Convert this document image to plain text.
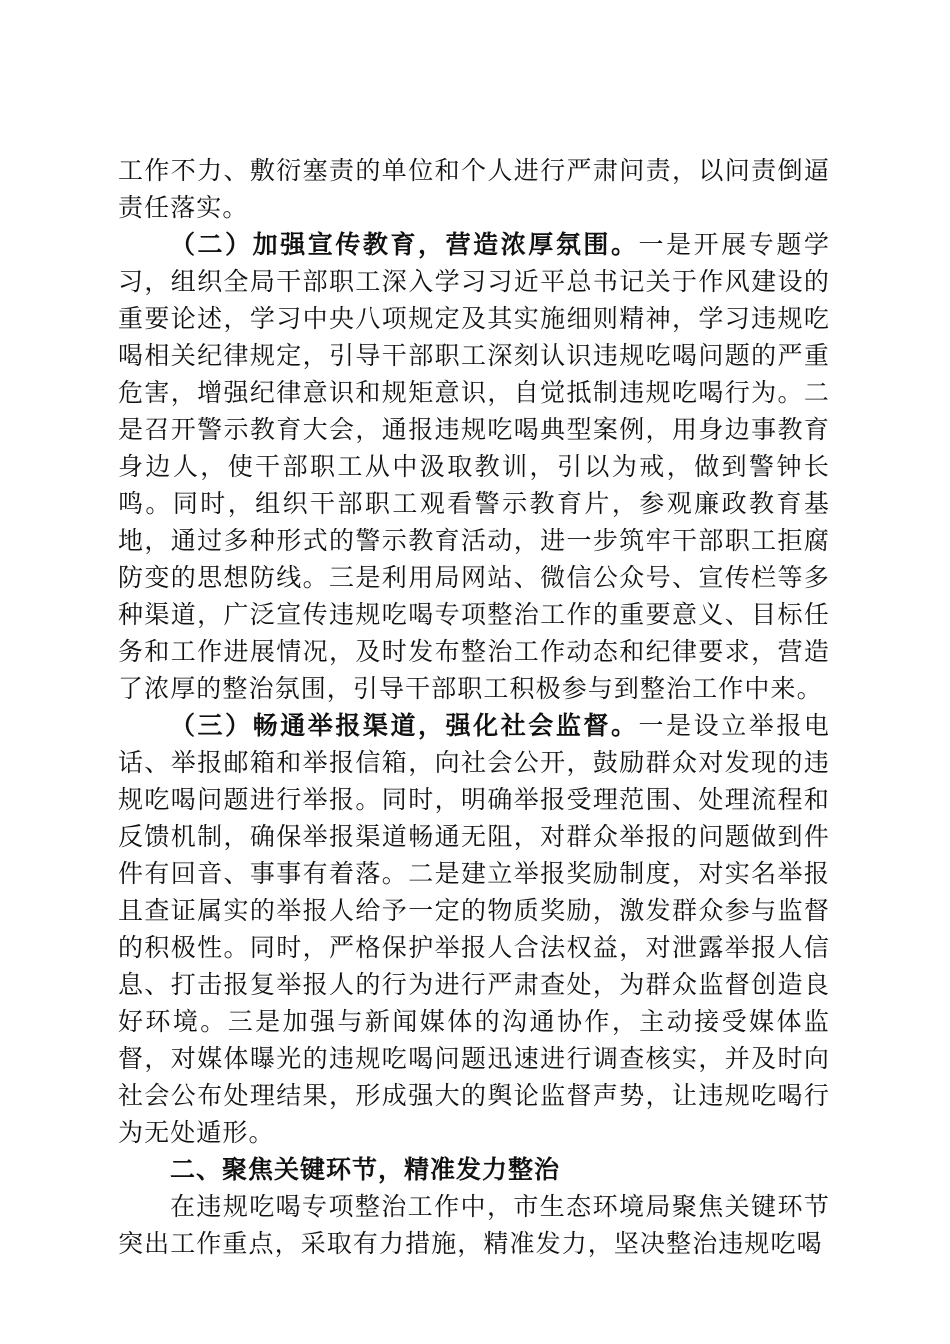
工作不力、敷衍塞责的单位和个人进行严肃问责，以问责倒逼责任落实。

（二）加强宣传教育，营造浓厚氛围。一是开展专题学习，组织全局干部职工深入学习习近平总书记关于作风建设的重要论述，学习中央八项规定及其实施细则精神，学习违规吃喝相关纪律规定，引导干部职工深刻认识违规吃喝问题的严重危害，增强纪律意识和规矩意识，自觉抵制违规吃喝行为。二是召开警示教育大会，通报违规吃喝典型案例，用身边事教育身边人，使干部职工从中汲取教训，引以为戒，做到警钟长鸣。同时，组织干部职工观看警示教育片，参观廉政教育基地，通过多种形式的警示教育活动，进一步筑牢干部职工拒腐防变的思想防线。三是利用局网站、微信公众号、宣传栏等多种渠道，广泛宣传违规吃喝专项整治工作的重要意义、目标任务和工作进展情况，及时发布整治工作动态和纪律要求，营造了浓厚的整治氛围，引导干部职工积极参与到整治工作中来。

（三）畅通举报渠道，强化社会监督。一是设立举报电话、举报邮箱和举报信箱，向社会公开，鼓励群众对发现的违规吃喝问题进行举报。同时，明确举报受理范围、处理流程和反馈机制，确保举报渠道畅通无阻，对群众举报的问题做到件件有回音、事事有着落。二是建立举报奖励制度，对实名举报且查证属实的举报人给予一定的物质奖励，激发群众参与监督的积极性。同时，严格保护举报人合法权益，对泄露举报人信息、打击报复举报人的行为进行严肃查处，为群众监督创造良好环境。三是加强与新闻媒体的沟通协作，主动接受媒体监督，对媒体曝光的违规吃喝问题迅速进行调查核实，并及时向社会公布处理结果，形成强大的舆论监督声势，让违规吃喝行为无处遁形。

二、聚焦关键环节，精准发力整治

在违规吃喝专项整治工作中，市生态环境局聚焦关键环节突出工作重点，采取有力措施，精准发力，坚决整治违规吃喝
